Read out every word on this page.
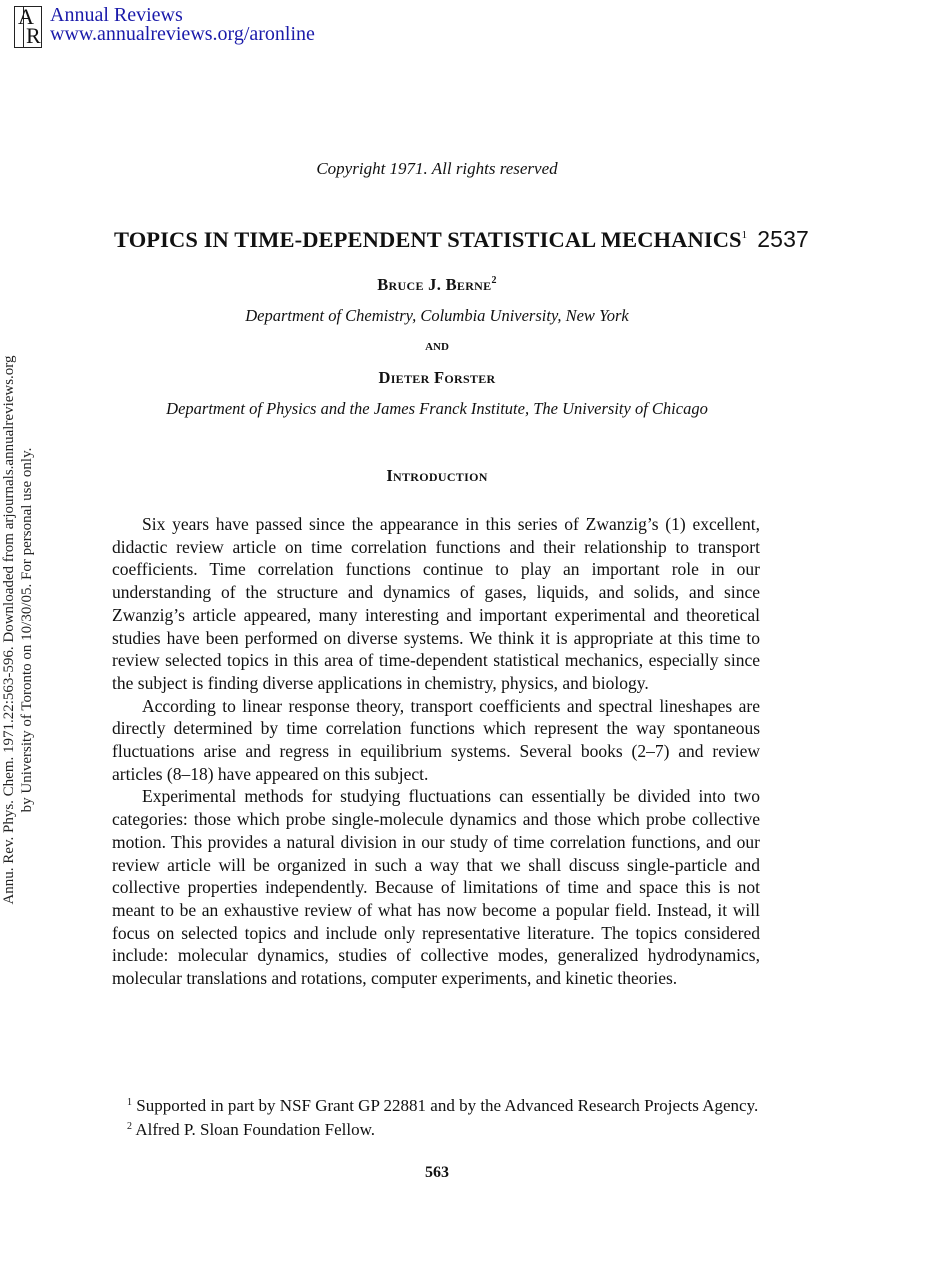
A
R
Annual Reviews
www.annualreviews.org/aronline
Annu. Rev. Phys. Chem. 1971.22:563-596. Downloaded from arjournals.annualreviews.org by University of Toronto on 10/30/05. For personal use only.
Copyright 1971. All rights reserved
TOPICS IN TIME-DEPENDENT STATISTICAL MECHANICS$^1$ 2537
Bruce J. Berne$^2$
Department of Chemistry, Columbia University, New York
and
Dieter Forster
Department of Physics and the James Franck Institute, The University of Chicago
Introduction

Six years have passed since the appearance in this series of Zwanzig’s (1) excellent, didactic review article on time correlation functions and their relationship to transport coefficients. Time correlation functions continue to play an important role in our understanding of the structure and dynamics of gases, liquids, and solids, and since Zwanzig’s article appeared, many interesting and important experimental and theoretical studies have been performed on diverse systems. We think it is appropriate at this time to review selected topics in this area of time-dependent statistical mechanics, especially since the subject is finding diverse applications in chemistry, physics, and biology.

According to linear response theory, transport coefficients and spectral lineshapes are directly determined by time correlation functions which represent the way spontaneous fluctuations arise and regress in equilibrium systems. Several books (2–7) and review articles (8–18) have appeared on this subject.

Experimental methods for studying fluctuations can essentially be divided into two categories: those which probe single-molecule dynamics and those which probe collective motion. This provides a natural division in our study of time correlation functions, and our review article will be organized in such a way that we shall discuss single-particle and collective properties independently. Because of limitations of time and space this is not meant to be an exhaustive review of what has now become a popular field. Instead, it will focus on selected topics and include only representative literature. The topics considered include: molecular dynamics, studies of collective modes, generalized hydrodynamics, molecular translations and rotations, computer experiments, and kinetic theories.

$^1$ Supported in part by NSF Grant GP 22881 and by the Advanced Research Projects Agency.

$^2$ Alfred P. Sloan Foundation Fellow.

563
